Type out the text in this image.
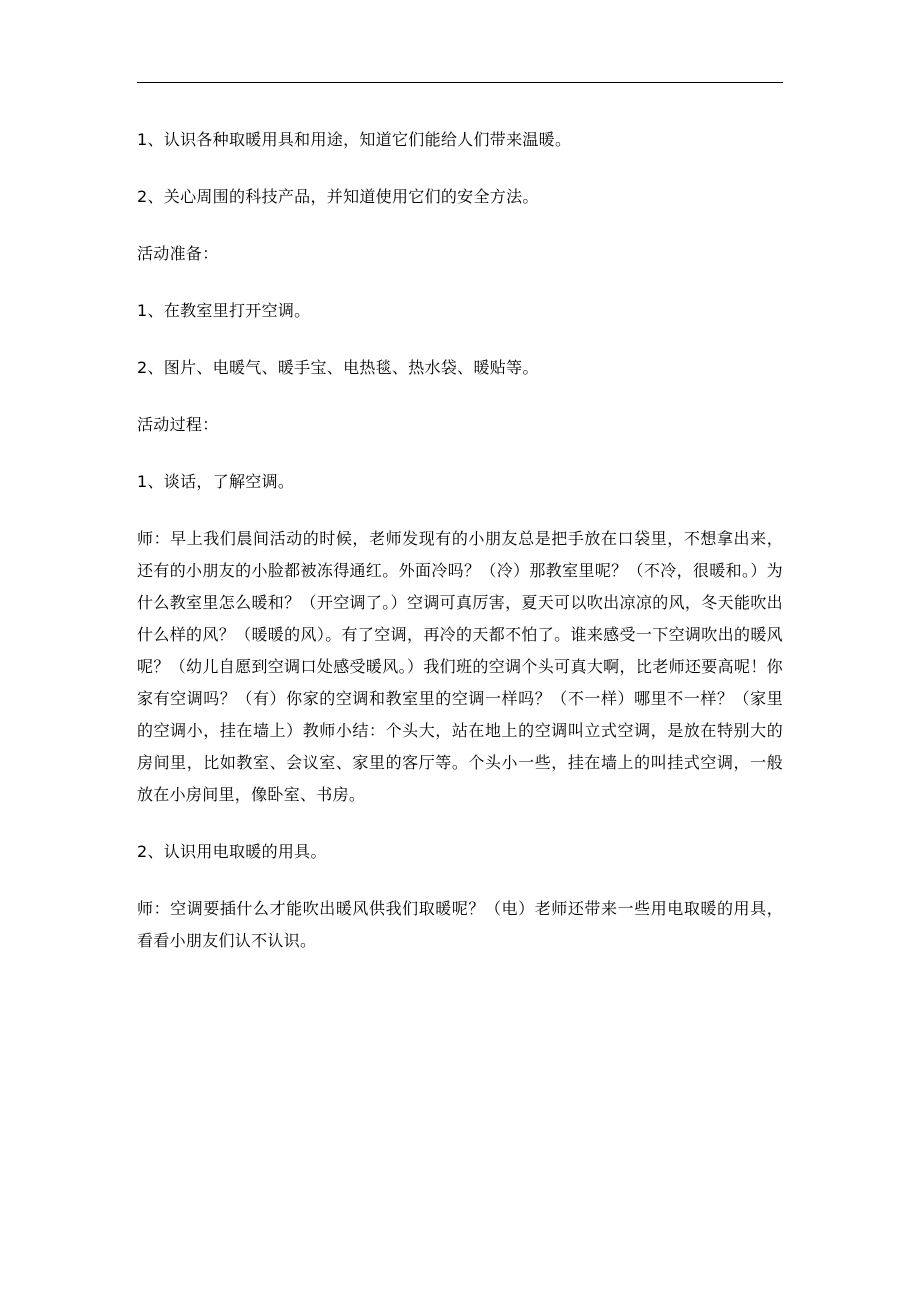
1、认识各种取暖用具和用途，知道它们能给人们带来温暖。

2、关心周围的科技产品，并知道使用它们的安全方法。

活动准备：

1、在教室里打开空调。

2、图片、电暖气、暖手宝、电热毯、热水袋、暖贴等。

活动过程：

1、谈话，了解空调。

师：早上我们晨间活动的时候，老师发现有的小朋友总是把手放在口袋里，不想拿出来，还有的小朋友的小脸都被冻得通红。外面冷吗？（冷）那教室里呢？（不冷，很暖和。）为什么教室里怎么暖和？（开空调了。）空调可真厉害，夏天可以吹出凉凉的风，冬天能吹出什么样的风？（暖暖的风）。有了空调，再冷的天都不怕了。谁来感受一下空调吹出的暖风呢？（幼儿自愿到空调口处感受暖风。）我们班的空调个头可真大啊，比老师还要高呢！你家有空调吗？（有）你家的空调和教室里的空调一样吗？（不一样）哪里不一样？（家里的空调小，挂在墙上）教师小结：个头大，站在地上的空调叫立式空调，是放在特别大的房间里，比如教室、会议室、家里的客厅等。个头小一些，挂在墙上的叫挂式空调，一般放在小房间里，像卧室、书房。

2、认识用电取暖的用具。

师：空调要插什么才能吹出暖风供我们取暖呢？（电）老师还带来一些用电取暖的用具，看看小朋友们认不认识。
